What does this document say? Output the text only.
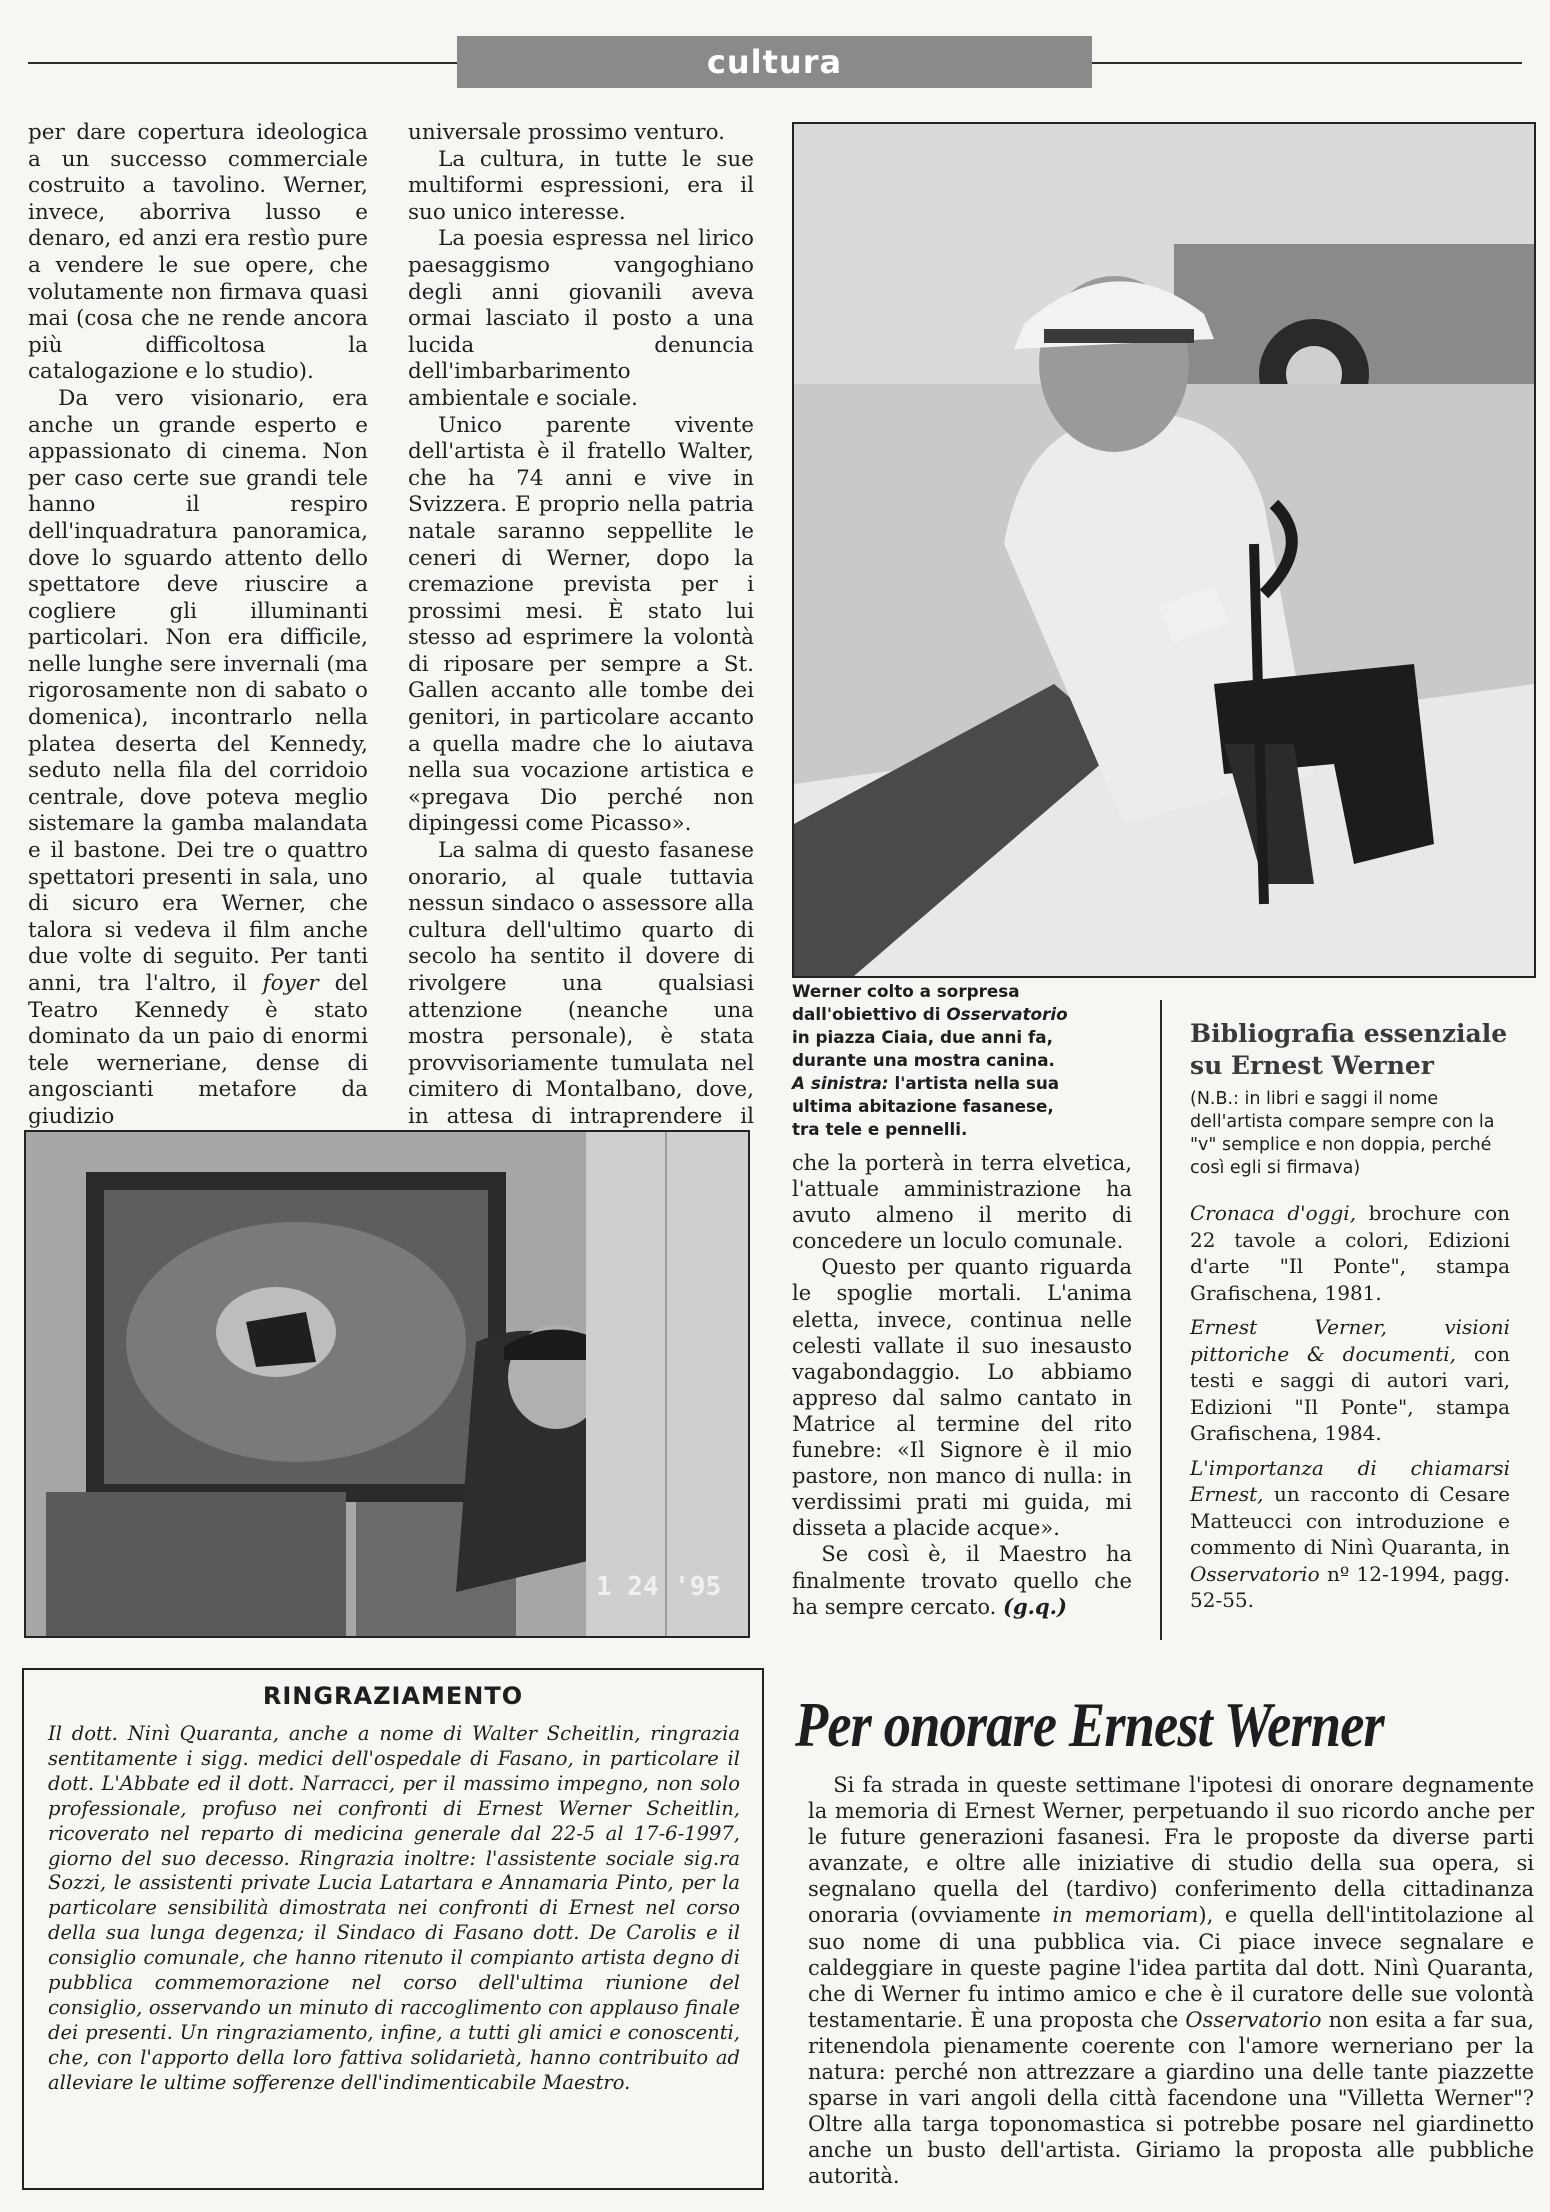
cultura

per dare copertura ideologica a un successo commerciale costruito a tavolino. Werner, invece, aborriva lusso e denaro, ed anzi era restìo pure a vendere le sue opere, che volutamente non firmava quasi mai (cosa che ne rende ancora più difficoltosa la catalogazione e lo studio).

Da vero visionario, era anche un grande esperto e appassionato di cinema. Non per caso certe sue grandi tele hanno il respiro dell'inquadratura panoramica, dove lo sguardo attento dello spettatore deve riuscire a cogliere gli illuminanti particolari. Non era difficile, nelle lunghe sere invernali (ma rigorosamente non di sabato o domenica), incontrarlo nella platea deserta del Kennedy, seduto nella fila del corridoio centrale, dove poteva meglio sistemare la gamba malandata e il bastone. Dei tre o quattro spettatori presenti in sala, uno di sicuro era Werner, che talora si vedeva il film anche due volte di seguito. Per tanti anni, tra l'altro, il foyer del Teatro Kennedy è stato dominato da un paio di enormi tele werneriane, dense di angoscianti metafore da giudizio

universale prossimo venturo.

La cultura, in tutte le sue multiformi espressioni, era il suo unico interesse.

La poesia espressa nel lirico paesaggismo vangoghiano degli anni giovanili aveva ormai lasciato il posto a una lucida denuncia dell'imbarbarimento ambientale e sociale.

Unico parente vivente dell'artista è il fratello Walter, che ha 74 anni e vive in Svizzera. E proprio nella patria natale saranno seppellite le ceneri di Werner, dopo la cremazione prevista per i prossimi mesi. È stato lui stesso ad esprimere la volontà di riposare per sempre a St. Gallen accanto alle tombe dei genitori, in particolare accanto a quella madre che lo aiutava nella sua vocazione artistica e «pregava Dio perché non dipingessi come Picasso».

La salma di questo fasanese onorario, al quale tuttavia nessun sindaco o assessore alla cultura dell'ultimo quarto di secolo ha sentito il dovere di rivolgere una qualsiasi attenzione (neanche una mostra personale), è stata provvisoriamente tumulata nel cimitero di Montalbano, dove, in attesa di intraprendere il

Werner colto a sorpresa dall'obiettivo di Osservatorio in piazza Ciaia, due anni fa, durante una mostra canina. A sinistra: l'artista nella sua ultima abitazione fasanese, tra tele e pennelli.

Bibliografia essenziale su Ernest Werner

(N.B.: in libri e saggi il nome dell'artista compare sempre con la "v" semplice e non doppia, perché così egli si firmava)

Cronaca d'oggi, brochure con 22 tavole a colori, Edizioni d'arte "Il Ponte", stampa Grafischena, 1981.

Ernest Verner, visioni pittoriche & documenti, con testi e saggi di autori vari, Edizioni "Il Ponte", stampa Grafischena, 1984.

L'importanza di chiamarsi Ernest, un racconto di Cesare Matteucci con introduzione e commento di Ninì Quaranta, in Osservatorio nº 12-1994, pagg. 52-55.

1 24 '95

che la porterà in terra elvetica, l'attuale amministrazione ha avuto almeno il merito di concedere un loculo comunale.

Questo per quanto riguarda le spoglie mortali. L'anima eletta, invece, continua nelle celesti vallate il suo inesausto vagabondaggio. Lo abbiamo appreso dal salmo cantato in Matrice al termine del rito funebre: «Il Signore è il mio pastore, non manco di nulla: in verdissimi prati mi guida, mi disseta a placide acque».

Se così è, il Maestro ha finalmente trovato quello che ha sempre cercato. (g.q.)

RINGRAZIAMENTO

Il dott. Ninì Quaranta, anche a nome di Walter Scheitlin, ringrazia sentitamente i sigg. medici dell'ospedale di Fasano, in particolare il dott. L'Abbate ed il dott. Narracci, per il massimo impegno, non solo professionale, profuso nei confronti di Ernest Werner Scheitlin, ricoverato nel reparto di medicina generale dal 22-5 al 17-6-1997, giorno del suo decesso. Ringrazia inoltre: l'assistente sociale sig.ra Sozzi, le assistenti private Lucia Latartara e Annamaria Pinto, per la particolare sensibilità dimostrata nei confronti di Ernest nel corso della sua lunga degenza; il Sindaco di Fasano dott. De Carolis e il consiglio comunale, che hanno ritenuto il compianto artista degno di pubblica commemorazione nel corso dell'ultima riunione del consiglio, osservando un minuto di raccoglimento con applauso finale dei presenti. Un ringraziamento, infine, a tutti gli amici e conoscenti, che, con l'apporto della loro fattiva solidarietà, hanno contribuito ad alleviare le ultime sofferenze dell'indimenticabile Maestro.

Per onorare Ernest Werner

Si fa strada in queste settimane l'ipotesi di onorare degnamente la memoria di Ernest Werner, perpetuando il suo ricordo anche per le future generazioni fasanesi. Fra le proposte da diverse parti avanzate, e oltre alle iniziative di studio della sua opera, si segnalano quella del (tardivo) conferimento della cittadinanza onoraria (ovviamente in memoriam), e quella dell'intitolazione al suo nome di una pubblica via. Ci piace invece segnalare e caldeggiare in queste pagine l'idea partita dal dott. Ninì Quaranta, che di Werner fu intimo amico e che è il curatore delle sue volontà testamentarie. È una proposta che Osservatorio non esita a far sua, ritenendola pienamente coerente con l'amore werneriano per la natura: perché non attrezzare a giardino una delle tante piazzette sparse in vari angoli della città facendone una "Villetta Werner"? Oltre alla targa toponomastica si potrebbe posare nel giardinetto anche un busto dell'artista. Giriamo la proposta alle pubbliche autorità.
